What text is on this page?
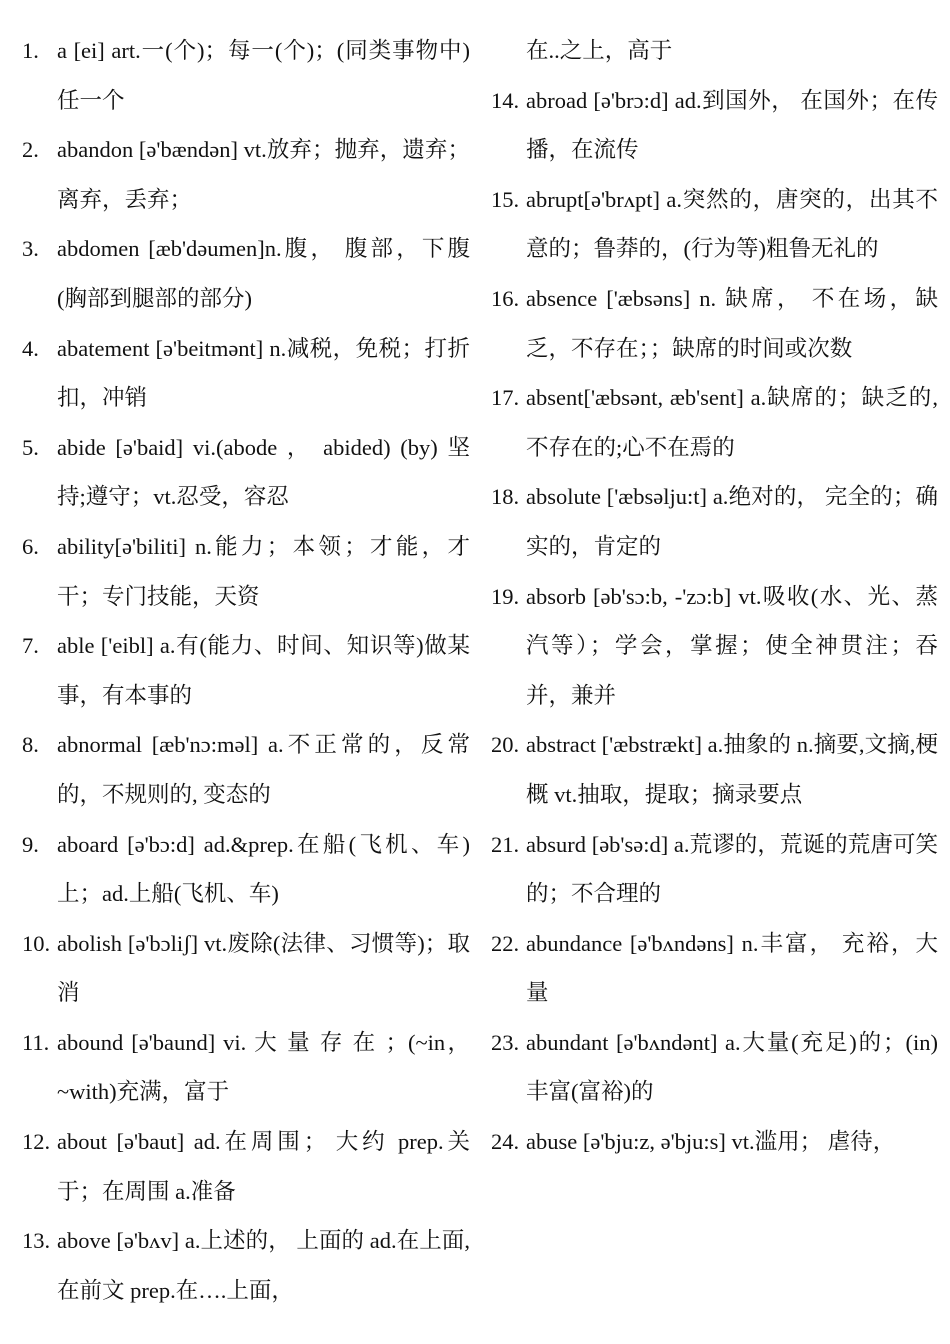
1. a [ei] art.一(个)；每一(个)；(同类事物中)任一个
2. abandon [ə'bændən] vt.放弃；抛弃，遗弃；离弃，丢弃；
3. abdomen [æb'dəumen]n.腹， 腹部，下腹(胸部到腿部的部分)
4. abatement [ə'beitmənt] n.减税，免税；打折扣，冲销
5. abide [ə'baid] vi.(abode ， abided) (by) 坚持;遵守；vt.忍受，容忍
6. ability[ə'biliti] n.能力；本领；才能，才干；专门技能，天资
7. able ['eibl] a.有(能力、时间、知识等)做某事，有本事的
8. abnormal [æb'nɔ:məl] a.不正常的，反常的，不规则的, 变态的
9. aboard [ə'bɔ:d] ad.&prep.在船(飞机、车)上；ad.上船(飞机、车)
10. abolish [ə'bɔliʃ] vt.废除(法律、习惯等)；取消
11. abound [ə'baund] vi. 大 量 存 在 ；(~in，~with)充满，富于
12. about [ə'baut] ad.在周围； 大约 prep.关于；在周围 a.准备
13. above [ə'bʌv] a.上述的， 上面的 ad.在上面,在前文 prep.在….上面，
在..之上，高于
14. abroad [ə'brɔ:d] ad.到国外， 在国外；在传播，在流传
15. abrupt[ə'brʌpt] a.突然的，唐突的，出其不意的；鲁莽的，(行为等)粗鲁无礼的
16. absence ['æbsəns] n. 缺席， 不在场，缺乏，不存在；；缺席的时间或次数
17. absent['æbsənt, æb'sent] a.缺席的；缺乏的,不存在的;心不在焉的
18. absolute ['æbsəlju:t] a.绝对的， 完全的；确实的，肯定的
19. absorb [əb'sɔ:b, -'zɔ:b] vt.吸收(水、光、蒸汽等）；学会，掌握；使全神贯注；吞并，兼并
20. abstract ['æbstrækt] a.抽象的 n.摘要,文摘,梗概 vt.抽取，提取；摘录要点
21. absurd [əb'sə:d] a.荒谬的，荒诞的荒唐可笑的；不合理的
22. abundance [ə'bʌndəns] n.丰富， 充裕，大量
23. abundant [ə'bʌndənt] a.大量(充足)的；(in)丰富(富裕)的
24. abuse [ə'bju:z, ə'bju:s] vt.滥用； 虐待，
